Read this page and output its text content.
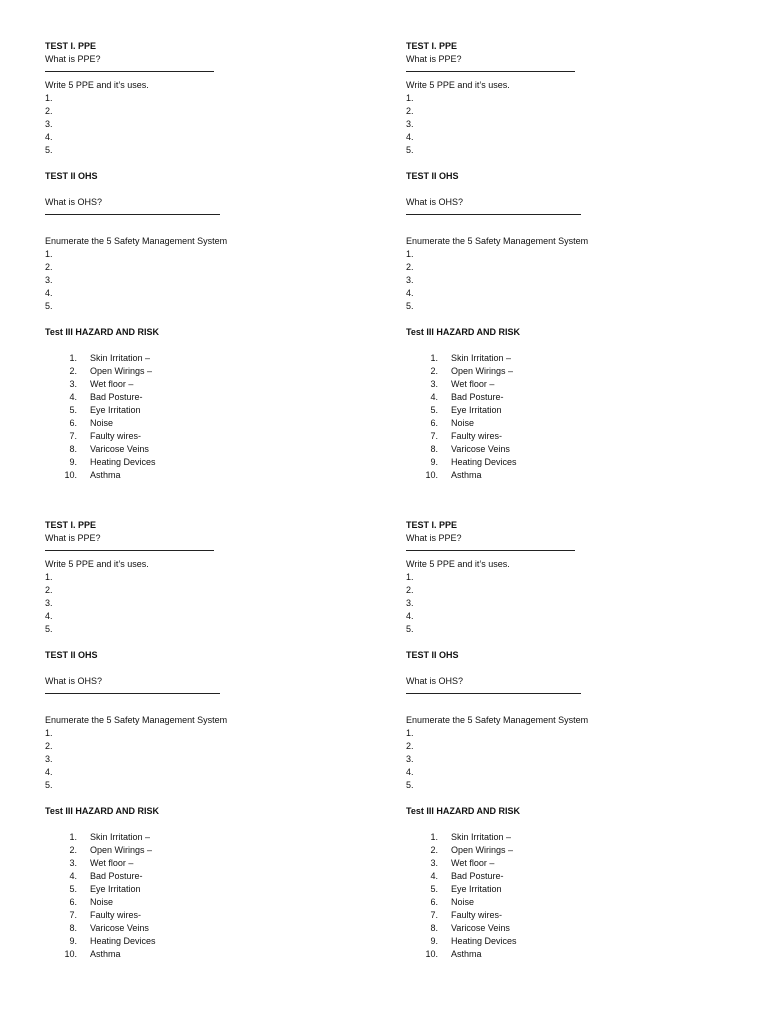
TEST I. PPE
What is PPE?
Write 5 PPE and it’s uses.
1.
2.
3.
4.
5.
TEST II OHS
What is OHS?
Enumerate the 5 Safety Management System
1.
2.
3.
4.
5.
Test III HAZARD AND RISK
1. Skin Irritation –
2. Open Wirings –
3. Wet floor –
4. Bad Posture-
5. Eye Irritation
6. Noise
7. Faulty wires-
8. Varicose Veins
9. Heating Devices
10. Asthma
TEST I. PPE
What is PPE?
Write 5 PPE and it’s uses.
1.
2.
3.
4.
5.
TEST II OHS
What is OHS?
Enumerate the 5 Safety Management System
1.
2.
3.
4.
5.
Test III HAZARD AND RISK
1. Skin Irritation –
2. Open Wirings –
3. Wet floor –
4. Bad Posture-
5. Eye Irritation
6. Noise
7. Faulty wires-
8. Varicose Veins
9. Heating Devices
10. Asthma
TEST I. PPE
What is PPE?
Write 5 PPE and it’s uses.
1.
2.
3.
4.
5.
TEST II OHS
What is OHS?
Enumerate the 5 Safety Management System
1.
2.
3.
4.
5.
Test III HAZARD AND RISK
1. Skin Irritation –
2. Open Wirings –
3. Wet floor –
4. Bad Posture-
5. Eye Irritation
6. Noise
7. Faulty wires-
8. Varicose Veins
9. Heating Devices
10. Asthma
TEST I. PPE
What is PPE?
Write 5 PPE and it’s uses.
1.
2.
3.
4.
5.
TEST II OHS
What is OHS?
Enumerate the 5 Safety Management System
1.
2.
3.
4.
5.
Test III HAZARD AND RISK
1. Skin Irritation –
2. Open Wirings –
3. Wet floor –
4. Bad Posture-
5. Eye Irritation
6. Noise
7. Faulty wires-
8. Varicose Veins
9. Heating Devices
10. Asthma
